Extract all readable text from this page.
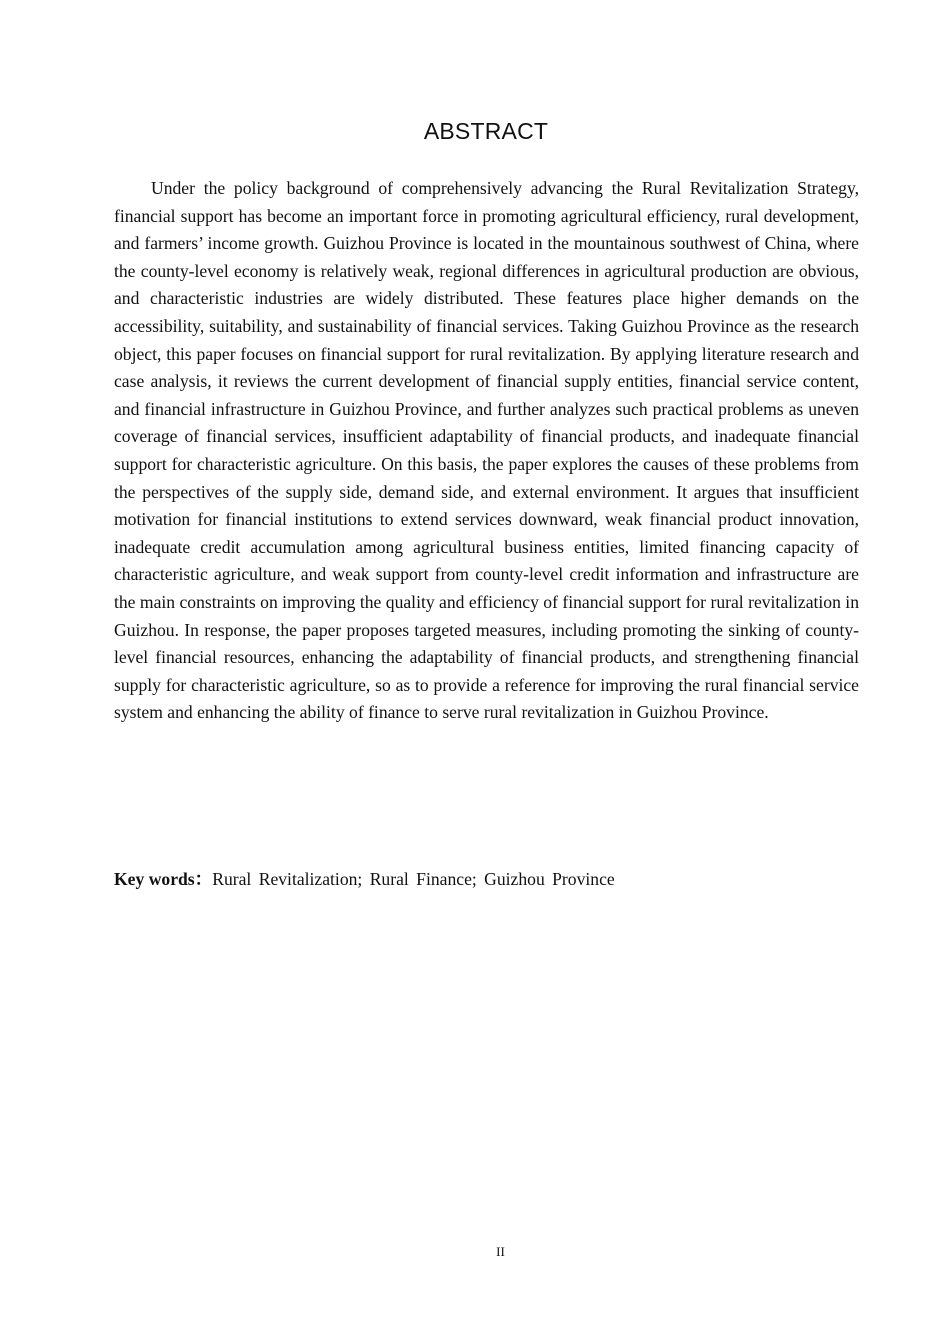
ABSTRACT

Under the policy background of comprehensively advancing the Rural Revitalization Strategy, financial support has become an important force in promoting agricultural efficiency, rural development, and farmers’ income growth. Guizhou Province is located in the mountainous southwest of China, where the county-level economy is relatively weak, regional differences in agricultural production are obvious, and characteristic industries are widely distributed. These features place higher demands on the accessibility, suitability, and sustainability of financial services. Taking Guizhou Province as the research object, this paper focuses on financial support for rural revitalization. By applying literature research and case analysis, it reviews the current development of financial supply entities, financial service content, and financial infrastructure in Guizhou Province, and further analyzes such practical problems as uneven coverage of financial services, insufficient adaptability of financial products, and inadequate financial support for characteristic agriculture. On this basis, the paper explores the causes of these problems from the perspectives of the supply side, demand side, and external environment. It argues that insufficient motivation for financial institutions to extend services downward, weak financial product innovation, inadequate credit accumulation among agricultural business entities, limited financing capacity of characteristic agriculture, and weak support from county-level credit information and infrastructure are the main constraints on improving the quality and efficiency of financial support for rural revitalization in Guizhou. In response, the paper proposes targeted measures, including promoting the sinking of county-level financial resources, enhancing the adaptability of financial products, and strengthening financial supply for characteristic agriculture, so as to provide a reference for improving the rural financial service system and enhancing the ability of finance to serve rural revitalization in Guizhou Province.

Key words：Rural Revitalization; Rural Finance; Guizhou Province

II
